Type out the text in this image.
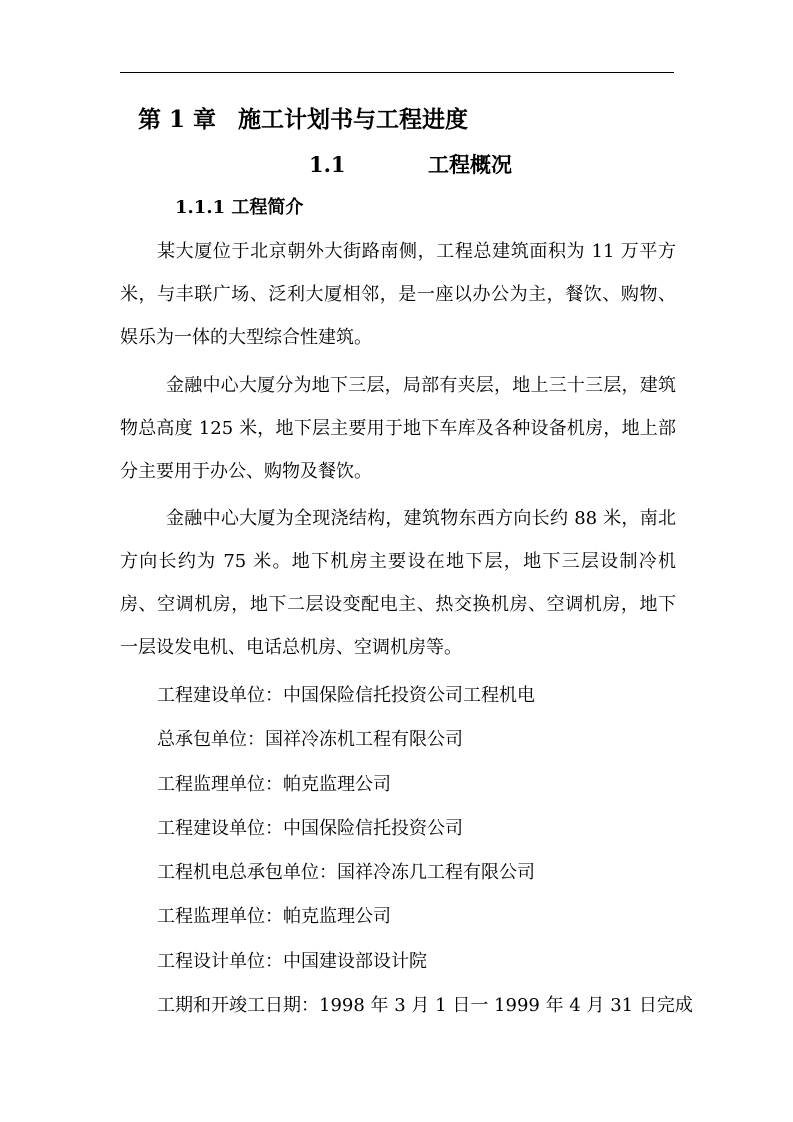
第 1 章 施工计划书与工程进度
1.1	工程概况
1.1.1 工程简介
某大厦位于北京朝外大街路南侧，工程总建筑面积为 11 万平方米，与丰联广场、泛利大厦相邻，是一座以办公为主，餐饮、购物、娱乐为一体的大型综合性建筑。
金融中心大厦分为地下三层，局部有夹层，地上三十三层，建筑物总高度 125 米，地下层主要用于地下车库及各种设备机房，地上部分主要用于办公、购物及餐饮。
金融中心大厦为全现浇结构，建筑物东西方向长约 88 米，南北方向长约为 75 米。地下机房主要设在地下层，地下三层设制冷机房、空调机房，地下二层设变配电主、热交换机房、空调机房，地下一层设发电机、电话总机房、空调机房等。
工程建设单位：中国保险信托投资公司工程机电
总承包单位：国祥冷冻机工程有限公司
工程监理单位：帕克监理公司
工程建设单位：中国保险信托投资公司
工程机电总承包单位：国祥冷冻几工程有限公司
工程监理单位：帕克监理公司
工程设计单位：中国建设部设计院
工期和开竣工日期：1998 年 3 月 1 日一 1999 年 4 月 31 日完成
